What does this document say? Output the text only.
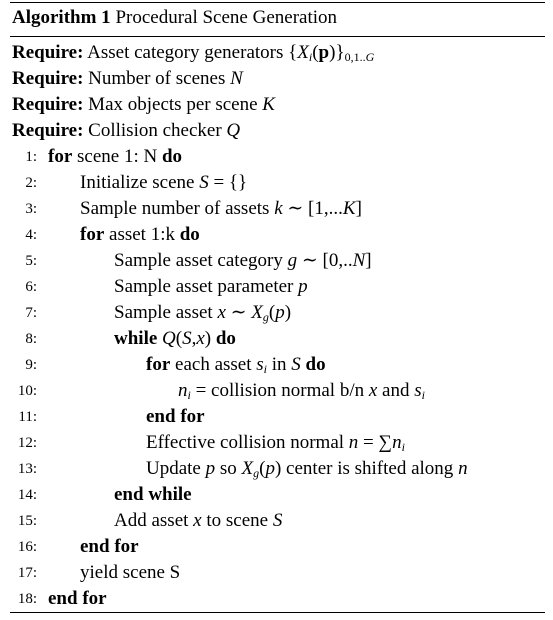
Algorithm 1 Procedural Scene Generation
Require: Asset category generators $\{X_i(p)\}_{0,1..G}$
Require: Number of scenes N
Require: Max objects per scene K
Require: Collision checker Q
1: for scene 1: N do
2: Initialize scene S = {}
3: Sample number of assets k ∼ [1,...K]
4: for asset 1:k do
5:	Sample asset category g ∼ [0,..N]
6:	Sample asset parameter p
7:	Sample asset x ∼ $X_g(p)$
8:	while Q(S,x) do
9:	for each asset $s_i$ in S do
10:	$n_i$ = collision normal b/n x and $s_i$
11:	end for
12:	Effective collision normal $n = \sum n_i$
13:	Update p so $X_g(p)$ center is shifted along n
14:	end while
15:	Add asset x to scene S
16: end for
17: yield scene S
18: end for
